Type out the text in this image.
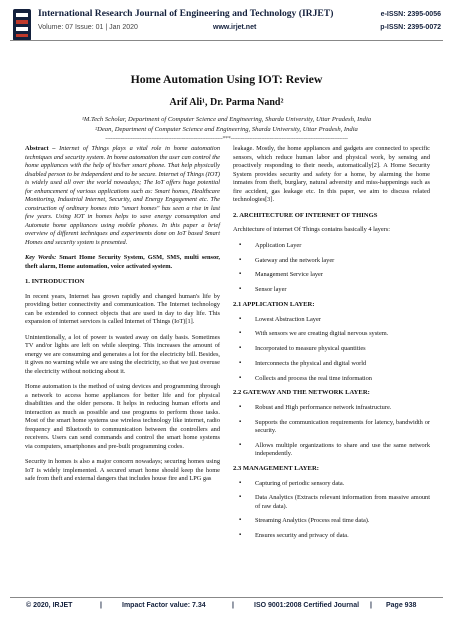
International Research Journal of Engineering and Technology (IRJET)	e-ISSN: 2395-0056
Volume: 07 Issue: 01 | Jan 2020	www.irjet.net	p-ISSN: 2395-0072
Home Automation Using IOT: Review
Arif Ali¹, Dr. Parma Nand²
¹M.Tech Scholar, Department of Computer Science and Engineering, Sharda University, Uttar Pradesh, India
²Dean, Department of Computer Science and Engineering, Sharda University, Uttar Pradesh, India
---------------------------------------------------------------------***---------------------------------------------------------------------

Abstract – Internet of Things plays a vital role in home automation techniques and security system. In home automation the user can control the home appliances with the help of his/her smart phone. That help physically disabled person to be independent and to be secure. Internet of Things (IOT) is widely used all over the world nowadays; The IoT offers huge potential for enhancement of various applications such as: Smart homes, Healthcare Monitoring, Industrial Internet, Security, and Energy Engagement etc. The construction of ordinary homes into "smart homes" has seen a rise in last few years. Using IOT in homes helps to save energy consumption and Automate home appliances using mobile phones. In this paper a brief overview of different techniques and experiments done on IoT based Smart Homes and security system is presented.

Key Words: Smart Home Security System, GSM, SMS, multi sensor, theft alarm, Home automation, voice activated system.

1. INTRODUCTION

In recent years, Internet has grown rapidly and changed human's life by providing better connectivity and communication. The Internet technology can be extended to connect objects that are used in day to day life. This expansion of internet services is called Internet of Things (IoT)[1].

Unintentionally, a lot of power is wasted away on daily basis. Sometimes TV and/or lights are left on while sleeping. This increases the amount of energy we are consuming and generates a lot for the electricity bill. Besides, it gives no warning while we are using the electricity, so that we just overuse the electricity without noticing about it.

Home automation is the method of using devices and programming through a network to access home appliances for better life and for physical disabilities and the older persons. It helps in reducing human efforts and interaction as much as possible and use programs to perform those tasks. Most of the smart home systems use wireless technology like internet, radio frequency and Bluetooth to communication between the controllers and receivers. Users can send commands and control the smart home systems via computers, smartphones and pre-built programming codes.

Security in homes is also a major concern nowadays; securing homes using IoT is widely implemented. A secured smart home should keep the home safe from theft and external dangers that includes house fire and LPG gas

leakage. Mostly, the home appliances and gadgets are connected to specific sensors, which reduce human labor and physical work, by sensing and proactively responding to their needs, automatically[2]. A Home Security System provides security and safety for a home, by alarming the home inmates from theft, burglary, natural adversity and miss-happenings such as fire accident, gas leakage etc. In this paper, we aim to discuss related technologies[3].

2. ARCHITECTURE OF INTERNET OF THINGS

Architecture of internet Of Things contains basically 4 layers:

▪ Application Layer
▪ Gateway and the network layer
▪ Management Service layer
▪ Sensor layer
2.1 APPLICATION LAYER:
▪ Lowest Abstraction Layer
▪ With sensors we are creating digital nervous system.
▪ Incorporated to measure physical quantities
▪ Interconnects the physical and digital world
▪ Collects and process the real time information
2.2 GATEWAY AND THE NETWORK LAYER:
▪ Robust and High performance network infrastructure.
▪ Supports the communication requirements for latency, bandwidth or security.
▪ Allows multiple organizations to share and use the same network independently.
2.3 MANAGEMENT LAYER:
▪ Capturing of periodic sensory data.
▪ Data Analytics (Extracts relevant information from massive amount of raw data).
▪ Streaming Analytics (Process real time data).
▪ Ensures security and privacy of data.
© 2020, IRJET	|	Impact Factor value: 7.34	|	ISO 9001:2008 Certified Journal | Page 938
